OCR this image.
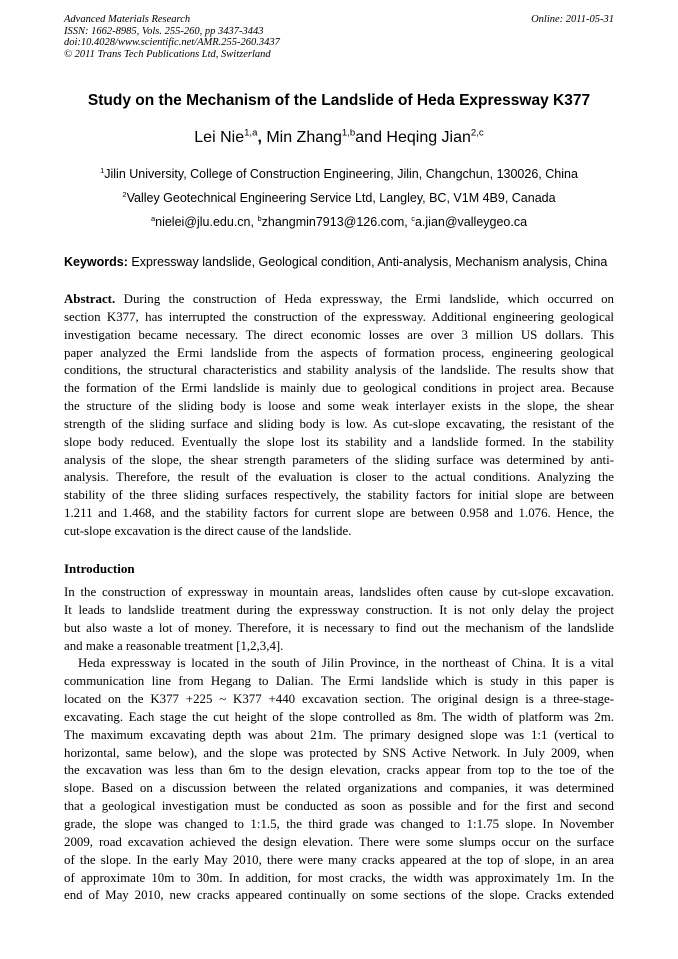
Advanced Materials Research
ISSN: 1662-8985, Vols. 255-260, pp 3437-3443
doi:10.4028/www.scientific.net/AMR.255-260.3437
© 2011 Trans Tech Publications Ltd, Switzerland
Online: 2011-05-31
Study on the Mechanism of the Landslide of Heda Expressway K377
Lei Nie$^{1,a}$, Min Zhang$^{1,b}$and Heqing Jian$^{2,c}$
$^1$Jilin University, College of Construction Engineering, Jilin, Changchun, 130026, China
$^2$Valley Geotechnical Engineering Service Ltd, Langley, BC, V1M 4B9, Canada
$^a$nielei@jlu.edu.cn, $^b$zhangmin7913@126.com, $^c$a.jian@valleygeo.ca
Keywords: Expressway landslide, Geological condition, Anti-analysis, Mechanism analysis, China
Abstract. During the construction of Heda expressway, the Ermi landslide, which occurred on
section K377, has interrupted the construction of the expressway. Additional engineering geological
investigation became necessary. The direct economic losses are over 3 million US dollars. This
paper analyzed the Ermi landslide from the aspects of formation process, engineering geological
conditions, the structural characteristics and stability analysis of the landslide. The results show that
the formation of the Ermi landslide is mainly due to geological conditions in project area. Because
the structure of the sliding body is loose and some weak interlayer exists in the slope, the shear
strength of the sliding surface and sliding body is low. As cut-slope excavating, the resistant of the
slope body reduced. Eventually the slope lost its stability and a landslide formed. In the stability
analysis of the slope, the shear strength parameters of the sliding surface was determined by anti-
analysis. Therefore, the result of the evaluation is closer to the actual conditions. Analyzing the
stability of the three sliding surfaces respectively, the stability factors for initial slope are between
1.211 and 1.468, and the stability factors for current slope are between 0.958 and 1.076. Hence, the
cut-slope excavation is the direct cause of the landslide.
Introduction
In the construction of expressway in mountain areas, landslides often cause by cut-slope excavation.
It leads to landslide treatment during the expressway construction. It is not only delay the project
but also waste a lot of money. Therefore, it is necessary to find out the mechanism of the landslide
and make a reasonable treatment [1,2,3,4].
Heda expressway is located in the south of Jilin Province, in the northeast of China. It is a vital
communication line from Hegang to Dalian. The Ermi landslide which is study in this paper is
located on the K377 +225 ~ K377 +440 excavation section. The original design is a three-stage-
excavating. Each stage the cut height of the slope controlled as 8m. The width of platform was 2m.
The maximum excavating depth was about 21m. The primary designed slope was 1:1 (vertical to
horizontal, same below), and the slope was protected by SNS Active Network. In July 2009, when
the excavation was less than 6m to the design elevation, cracks appear from top to the toe of the
slope. Based on a discussion between the related organizations and companies, it was determined
that a geological investigation must be conducted as soon as possible and for the first and second
grade, the slope was changed to 1:1.5, the third grade was changed to 1:1.75 slope. In November
2009, road excavation achieved the design elevation. There were some slumps occur on the surface
of the slope. In the early May 2010, there were many cracks appeared at the top of slope, in an area
of approximate 10m to 30m. In addition, for most cracks, the width was approximately 1m. In the
end of May 2010, new cracks appeared continually on some sections of the slope. Cracks extended
